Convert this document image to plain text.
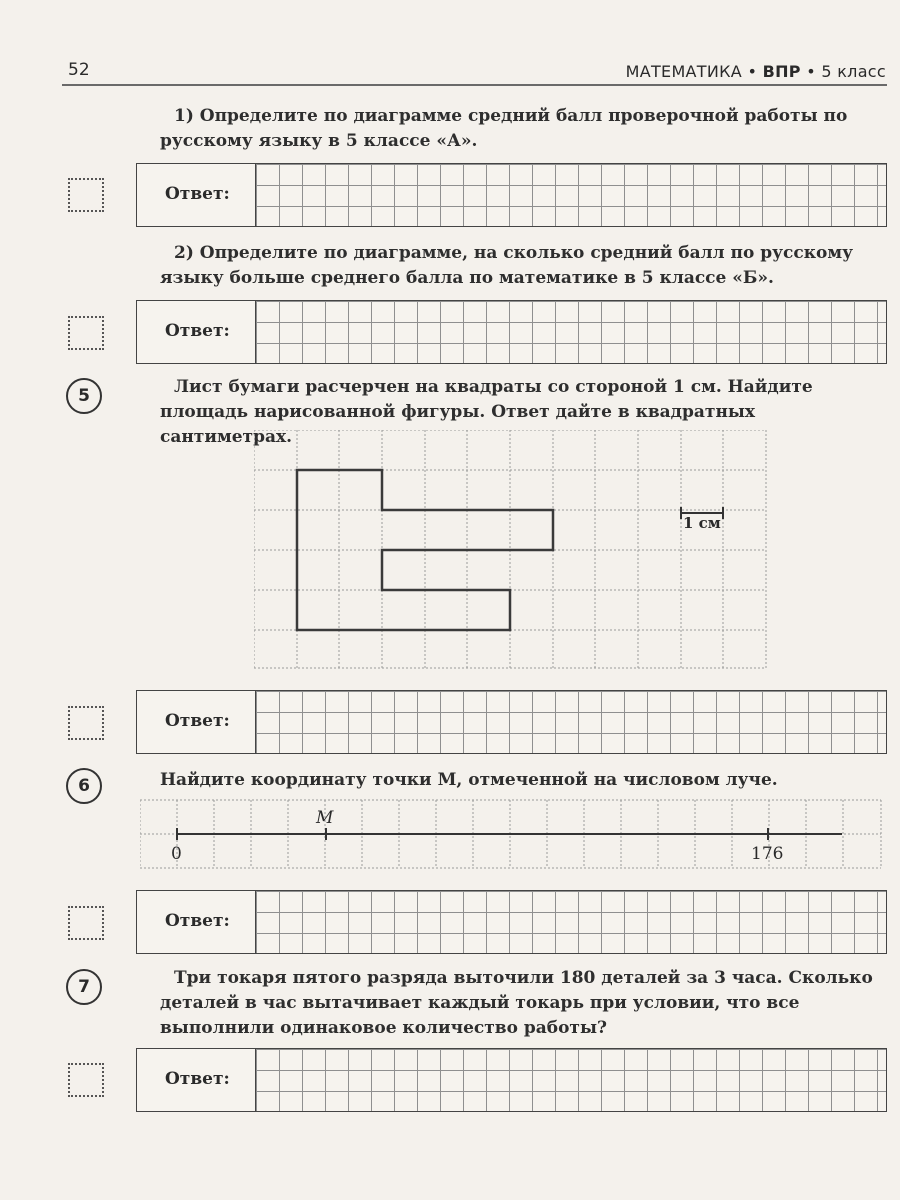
52	МАТЕМАТИКА • ВПР • 5 класс
1) Определите по диаграмме средний балл проверочной работы по русскому языку в 5 классе «А».
Ответ:
2) Определите по диаграмме, на сколько средний балл по русскому языку больше среднего балла по математике в 5 классе «Б».
Ответ:
5	Лист бумаги расчерчен на квадраты со стороной 1 см. Найдите площадь нарисованной фигуры. Ответ дайте в квадратных сантиметрах.
1 см
Ответ:
6	Найдите координату точки M, отмеченной на числовом луче.
M
0	176
Ответ:
7	Три токаря пятого разряда выточили 180 деталей за 3 часа. Сколько деталей в час вытачивает каждый токарь при условии, что все выполнили одинаковое количество работы?
Ответ:
